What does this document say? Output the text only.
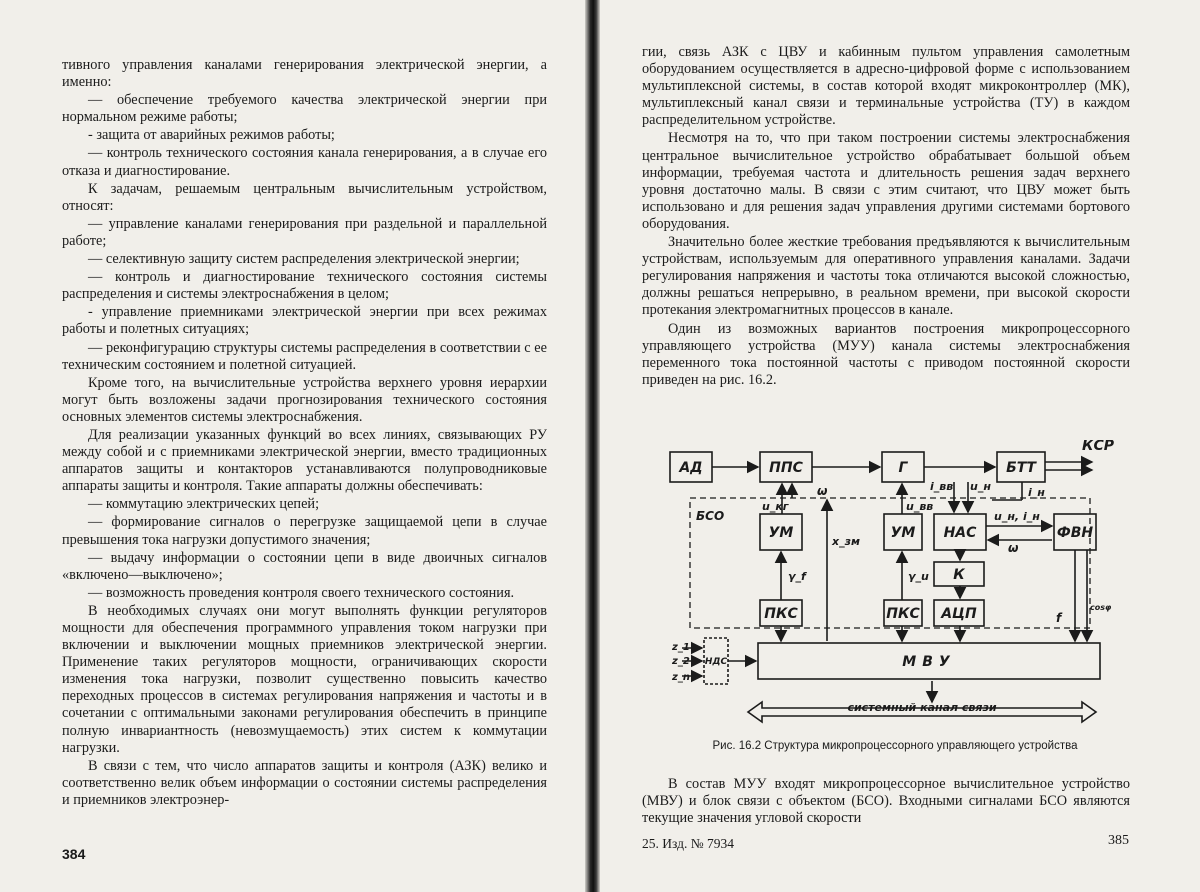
тивного управления каналами генерирования электрической энергии, а именно:

— обеспечение требуемого качества электрической энергии при нормальном режиме работы;

- защита от аварийных режимов работы;

— контроль технического состояния канала генерирования, а в случае его отказа и диагностирование.

К задачам, решаемым центральным вычислительным устройством, относят:

— управление каналами генерирования при раздельной и параллельной работе;

— селективную защиту систем распределения электрической энергии;

— контроль и диагностирование технического состояния системы распределения и системы электроснабжения в целом;

- управление приемниками электрической энергии при всех режимах работы и полетных ситуациях;

— реконфигурацию структуры системы распределения в соответствии с ее техническим состоянием и полетной ситуацией.

Кроме того, на вычислительные устройства верхнего уровня иерархии могут быть возложены задачи прогнозирования технического состояния основных элементов системы электроснабжения.

Для реализации указанных функций во всех линиях, связывающих РУ между собой и с приемниками электрической энергии, вместо традиционных аппаратов защиты и контакторов устанавливаются полупроводниковые аппараты защиты и контроля. Такие аппараты должны обеспечивать:

— коммутацию электрических цепей;

— формирование сигналов о перегрузке защищаемой цепи в случае превышения тока нагрузки допустимого значения;

— выдачу информации о состоянии цепи в виде двоичных сигналов «включено—выключено»;

— возможность проведения контроля своего технического состояния.

В необходимых случаях они могут выполнять функции регуляторов мощности для обеспечения программного управления током нагрузки при включении и выключении мощных приемников электрической энергии. Применение таких регуляторов мощности, ограничивающих скорости изменения тока нагрузки, позволит существенно повысить качество переходных процессов в системах регулирования напряжения и частоты и в сочетании с оптимальными законами регулирования обеспечить в принципе полную инвариантность (невозмущаемость) этих систем к коммутации нагрузки.

В связи с тем, что число аппаратов защиты и контроля (АЗК) велико и соответственно велик объем информации о состоянии системы распределения и приемников электроэнер-

384

гии, связь АЗК с ЦВУ и кабинным пультом управления самолетным оборудованием осуществляется в адресно-цифровой форме с использованием мультиплексной системы, в состав которой входят микроконтроллер (МК), мультиплексный канал связи и терминальные устройства (ТУ) в каждом распределительном устройстве.

Несмотря на то, что при таком построении системы электроснабжения центральное вычислительное устройство обрабатывает большой объем информации, требуемая частота и длительность решения задач верхнего уровня достаточно малы. В связи с этим считают, что ЦВУ может быть использовано и для решения задач управления другими системами бортового оборудования.

Значительно более жесткие требования предъявляются к вычислительным устройствам, используемым для оперативного управления каналами. Задачи регулирования напряжения и частоты тока отличаются высокой сложностью, должны решаться непрерывно, в реальном времени, при высокой скорости протекания электромагнитных процессов в канале.

Один из возможных вариантов построения микропроцессорного управляющего устройства (МУУ) канала системы электроснабжения переменного тока постоянной частоты с приводом постоянной скорости приведен на рис. 16.2.

АД	ППС	Г	БТТ
УМ	УМ НАС	ФВН
К
ПКС	ПКС АЦП
МВУ
НДС
БСО
КСР
ω
u_кг
i_вв u_н	i_н
u_вв
u_н, i_н
x_зм
γ_f	γ_u
ω
f
cosφ
z_1
z_2
z_n
системный канал связи
Рис. 16.2 Структура микропроцессорного управляющего устройства

В состав МУУ входят микропроцессорное вычислительное устройство (МВУ) и блок связи с объектом (БСО). Входными сигналами БСО являются текущие значения угловой скорости

25. Изд. № 7934	385
